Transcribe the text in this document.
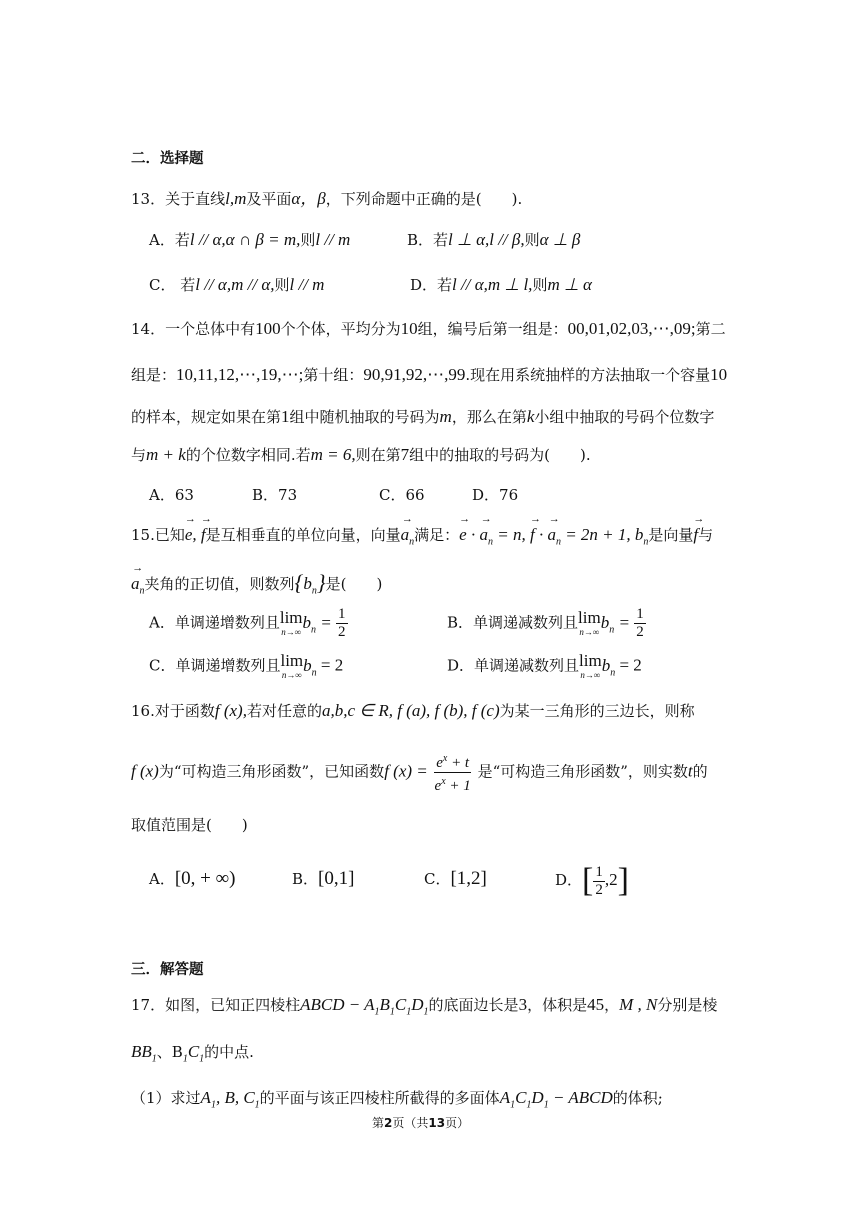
二．选择题
13．关于直线l,m及平面α，β，下列命题中正确的是(　　).
A．若l // α,α ∩ β = m,则l // m	B．若l ⊥ α,l // β,则α ⊥ β
C． 若l // α,m // α,则l // m	D．若l // α,m ⊥ l,则m ⊥ α
14．一个总体中有100个个体，平均分为10组，编号后第一组是：00,01,02,03,⋯,09;第二
组是：10,11,12,⋯,19,⋯;第十组：90,91,92,⋯,99.现在用系统抽样的方法抽取一个容量10
的样本，规定如果在第1组中随机抽取的号码为m，那么在第k小组中抽取的号码个位数字
与m + k的个位数字相同.若m = 6,则在第7组中的抽取的号码为(　　).
A．63	B．73	C．66	D．76
15.已知→ e, → f是互相垂直的单位向量，向量→ $a_n$满足：→ e · → $a_n = n$, → f · → $a_n = 2n + 1$, $b_n$是向量→ f与
→ $a_n$夹角的正切值，则数列$\{b_n\}$是(　　)
A．单调递增数列且 lim
n→∞
$b_n = \frac{1}{2}$	B．单调递减数列且 lim
n→∞
$b_n = \frac{1}{2}$
C．单调递增数列且 lim
n→∞
$b_n = 2$	D．单调递减数列且 lim
n→∞
$b_n = 2$
16.对于函数f (x),若对任意的a,b,c ∈ R, f (a), f (b), f (c)为某一三角形的三边长，则称
f (x)为“可构造三角形函数”，已知函数f $(x) = \frac{e^x + t}{e^x + 1}$ 是“可构造三角形函数”，则实数t的
取值范围是(　　)
A．[0, + ∞)	B．[0,1]	C．[1,2]	D．[ $\frac{1}{2} ,2$]
三．解答题
17．如图，已知正四棱柱ABCD − $A_1B_1C_1D_1$的底面边长是3，体积是45，M , N分别是棱
$BB_1$、$B_1C_1$的中点.
（1）求过$A_1$, B, $C_1$的平面与该正四棱柱所截得的多面体$A_1C_1D_1$ − ABCD的体积;
第2页（共13页）
